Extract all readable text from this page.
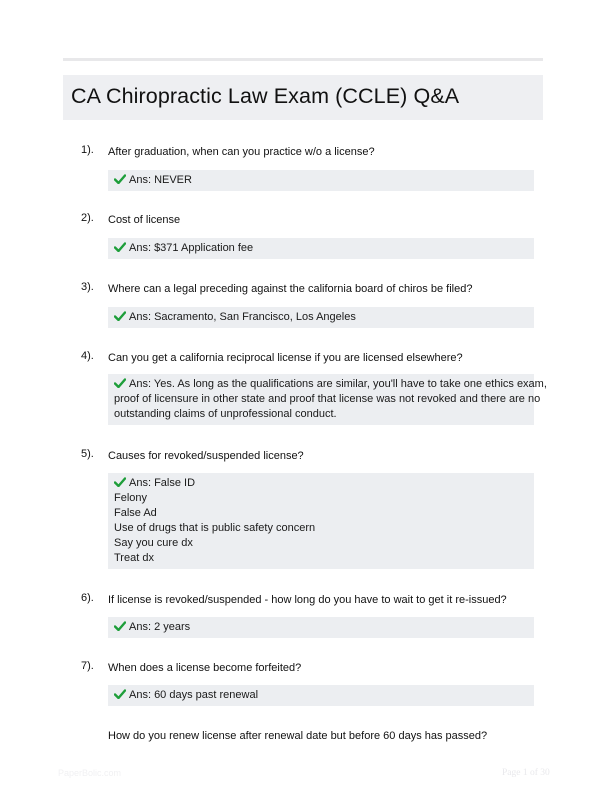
CA Chiropractic Law Exam (CCLE) Q&A
1). After graduation, when can you practice w/o a license?
Ans: NEVER
2). Cost of license
Ans: $371 Application fee
3). Where can a legal preceding against the california board of chiros be filed?
Ans: Sacramento, San Francisco, Los Angeles
4). Can you get a california reciprocal license if you are licensed elsewhere?
Ans: Yes. As long as the qualifications are similar, you'll have to take one ethics exam,
proof of licensure in other state and proof that license was not revoked and there are no
outstanding claims of unprofessional conduct.
5). Causes for revoked/suspended license?
Ans: False ID
Felony
False Ad
Use of drugs that is public safety concern
Say you cure dx
Treat dx
6). If license is revoked/suspended - how long do you have to wait to get it re-issued?
Ans: 2 years
7). When does a license become forfeited?
Ans: 60 days past renewal
How do you renew license after renewal date but before 60 days has passed?
PaperBolic.com	Page 1 of 30
